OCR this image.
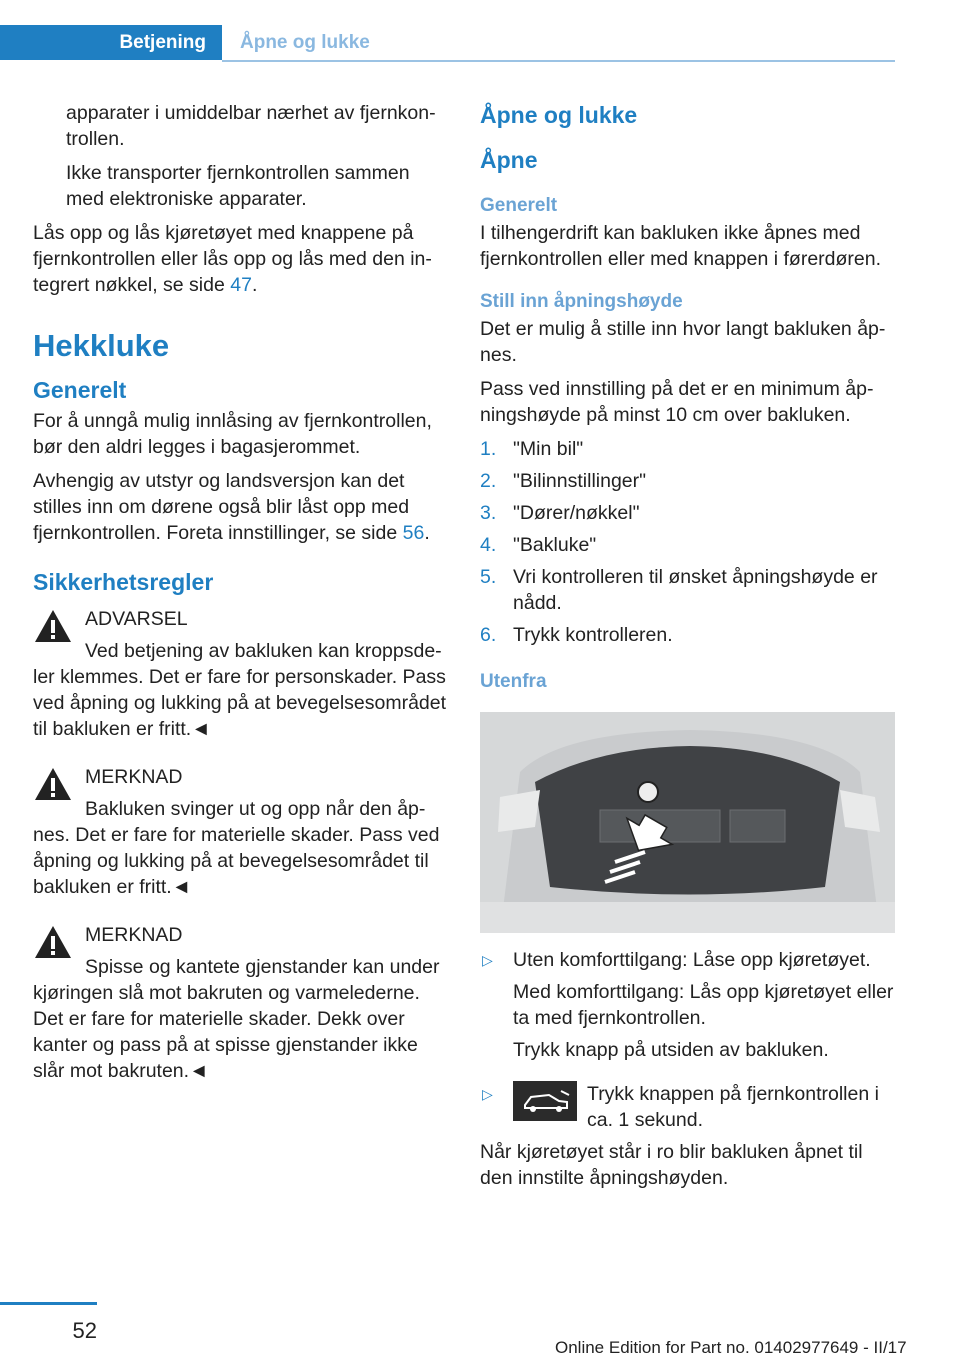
Betjening	Åpne og lukke

apparater i umiddelbar nærhet av fjernkontrollen.

Ikke transporter fjernkontrollen sammen med elektroniske apparater.

Lås opp og lås kjøretøyet med knappene på fjernkontrollen eller lås opp og lås med den integrert nøkkel, se side 47.

Hekkluke
Generelt

For å unngå mulig innlåsing av fjernkontrollen, bør den aldri legges i bagasjerommet.

Avhengig av utstyr og landsversjon kan det stilles inn om dørene også blir låst opp med fjernkontrollen. Foreta innstillinger, se side 56.

Sikkerhetsregler
ADVARSEL
Ved betjening av bakluken kan kroppsdeler klemmes. Det er fare for personskader. Pass ved åpning og lukking på at bevegelsesområdet til bakluken er fritt.◄
MERKNAD
Bakluken svinger ut og opp når den åpnes. Det er fare for materielle skader. Pass ved åpning og lukking på at bevegelsesområdet til bakluken er fritt.◄
MERKNAD
Spisse og kantete gjenstander kan under kjøringen slå mot bakruten og varmelederne. Det er fare for materielle skader. Dekk over kanter og pass på at spisse gjenstander ikke slår mot bakruten.◄
Åpne og lukke
Åpne
Generelt

I tilhengerdrift kan bakluken ikke åpnes med fjernkontrollen eller med knappen i førerdøren.

Still inn åpningshøyde

Det er mulig å stille inn hvor langt bakluken åpnes.

Pass ved innstilling på det er en minimum åpningshøyde på minst 10 cm over bakluken.

1. "Min bil"
2. "Bilinnstillinger"
3. "Dører/nøkkel"
4. "Bakluke"
5. Vri kontrolleren til ønsket åpningshøyde er nådd.
6. Trykk kontrolleren.
Utenfra
▷ Uten komforttilgang: Låse opp kjøretøyet.
Med komforttilgang: Lås opp kjøretøyet eller ta med fjernkontrollen.
Trykk knapp på utsiden av bakluken.
▷	Trykk knappen på fjernkontrollen i ca. 1 sekund.

Når kjøretøyet står i ro blir bakluken åpnet til den innstilte åpningshøyden.

52
Online Edition for Part no. 01402977649 - II/17
